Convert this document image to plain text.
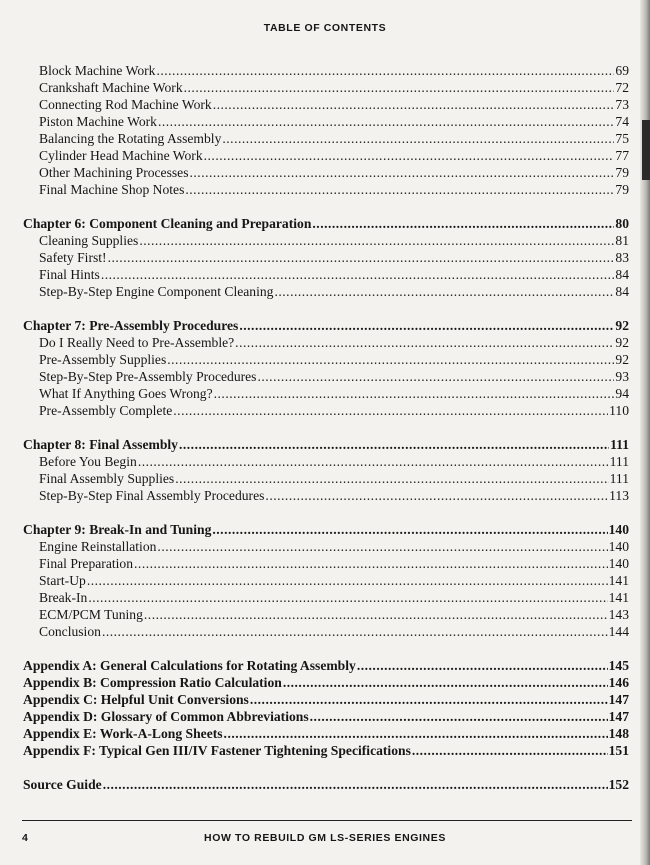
TABLE OF CONTENTS
Block Machine Work .....	69
Crankshaft Machine Work .....	72
Connecting Rod Machine Work .....	73
Piston Machine Work .....	74
Balancing the Rotating Assembly .....	75
Cylinder Head Machine Work .....	77
Other Machining Processes .....	79
Final Machine Shop Notes .....	79
Chapter 6: Component Cleaning and Preparation .....	80
Cleaning Supplies .....	81
Safety First! .....	83
Final Hints .....	84
Step-By-Step Engine Component Cleaning .....	84
Chapter 7: Pre-Assembly Procedures .....	92
Do I Really Need to Pre-Assemble? .....	92
Pre-Assembly Supplies .....	92
Step-By-Step Pre-Assembly Procedures .....	93
What If Anything Goes Wrong? .....	94
Pre-Assembly Complete .....	110
Chapter 8: Final Assembly .....	111
Before You Begin .....	111
Final Assembly Supplies .....	111
Step-By-Step Final Assembly Procedures .....	113
Chapter 9: Break-In and Tuning .....	140
Engine Reinstallation .....	140
Final Preparation .....	140
Start-Up .....	141
Break-In .....	141
ECM/PCM Tuning .....	143
Conclusion .....	144
Appendix A: General Calculations for Rotating Assembly .....	145
Appendix B: Compression Ratio Calculation .....	146
Appendix C: Helpful Unit Conversions .....	147
Appendix D: Glossary of Common Abbreviations .....	147
Appendix E: Work-A-Long Sheets .....	148
Appendix F: Typical Gen III/IV Fastener Tightening Specifications .....	151
Source Guide .....	152
4	HOW TO REBUILD GM LS-SERIES ENGINES
